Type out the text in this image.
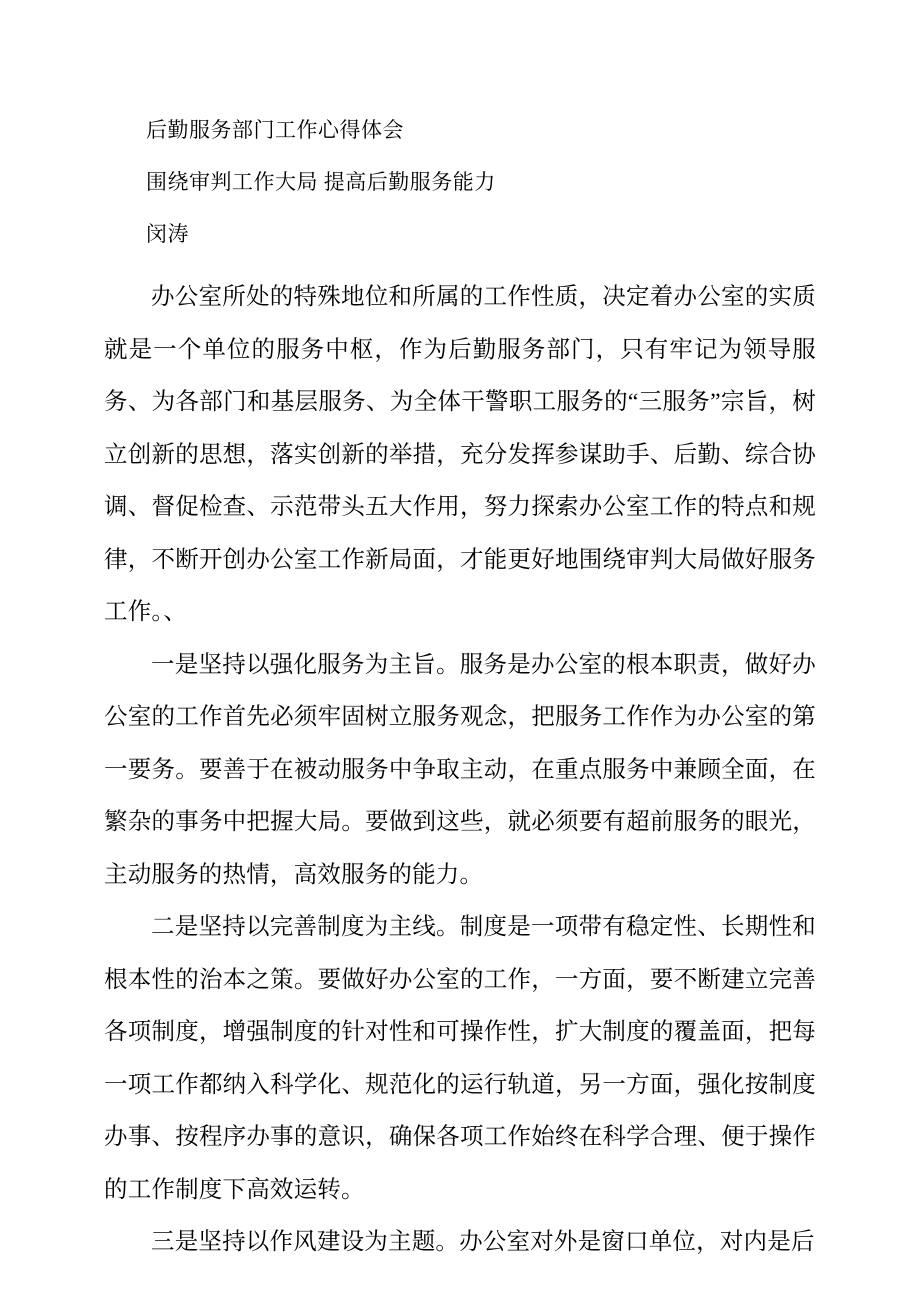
后勤服务部门工作心得体会
围绕审判工作大局 提高后勤服务能力
闵涛

办公室所处的特殊地位和所属的工作性质，决定着办公室的实质就是一个单位的服务中枢，作为后勤服务部门，只有牢记为领导服务、为各部门和基层服务、为全体干警职工服务的“三服务”宗旨，树立创新的思想，落实创新的举措，充分发挥参谋助手、后勤、综合协调、督促检查、示范带头五大作用，努力探索办公室工作的特点和规律，不断开创办公室工作新局面，才能更好地围绕审判大局做好服务工作。、

一是坚持以强化服务为主旨。服务是办公室的根本职责，做好办公室的工作首先必须牢固树立服务观念，把服务工作作为办公室的第一要务。要善于在被动服务中争取主动，在重点服务中兼顾全面，在繁杂的事务中把握大局。要做到这些，就必须要有超前服务的眼光，主动服务的热情，高效服务的能力。

二是坚持以完善制度为主线。制度是一项带有稳定性、长期性和根本性的治本之策。要做好办公室的工作，一方面，要不断建立完善各项制度，增强制度的针对性和可操作性，扩大制度的覆盖面，把每一项工作都纳入科学化、规范化的运行轨道，另一方面，强化按制度办事、按程序办事的意识，确保各项工作始终在科学合理、便于操作的工作制度下高效运转。

三是坚持以作风建设为主题。办公室对外是窗口单位，对内是后
